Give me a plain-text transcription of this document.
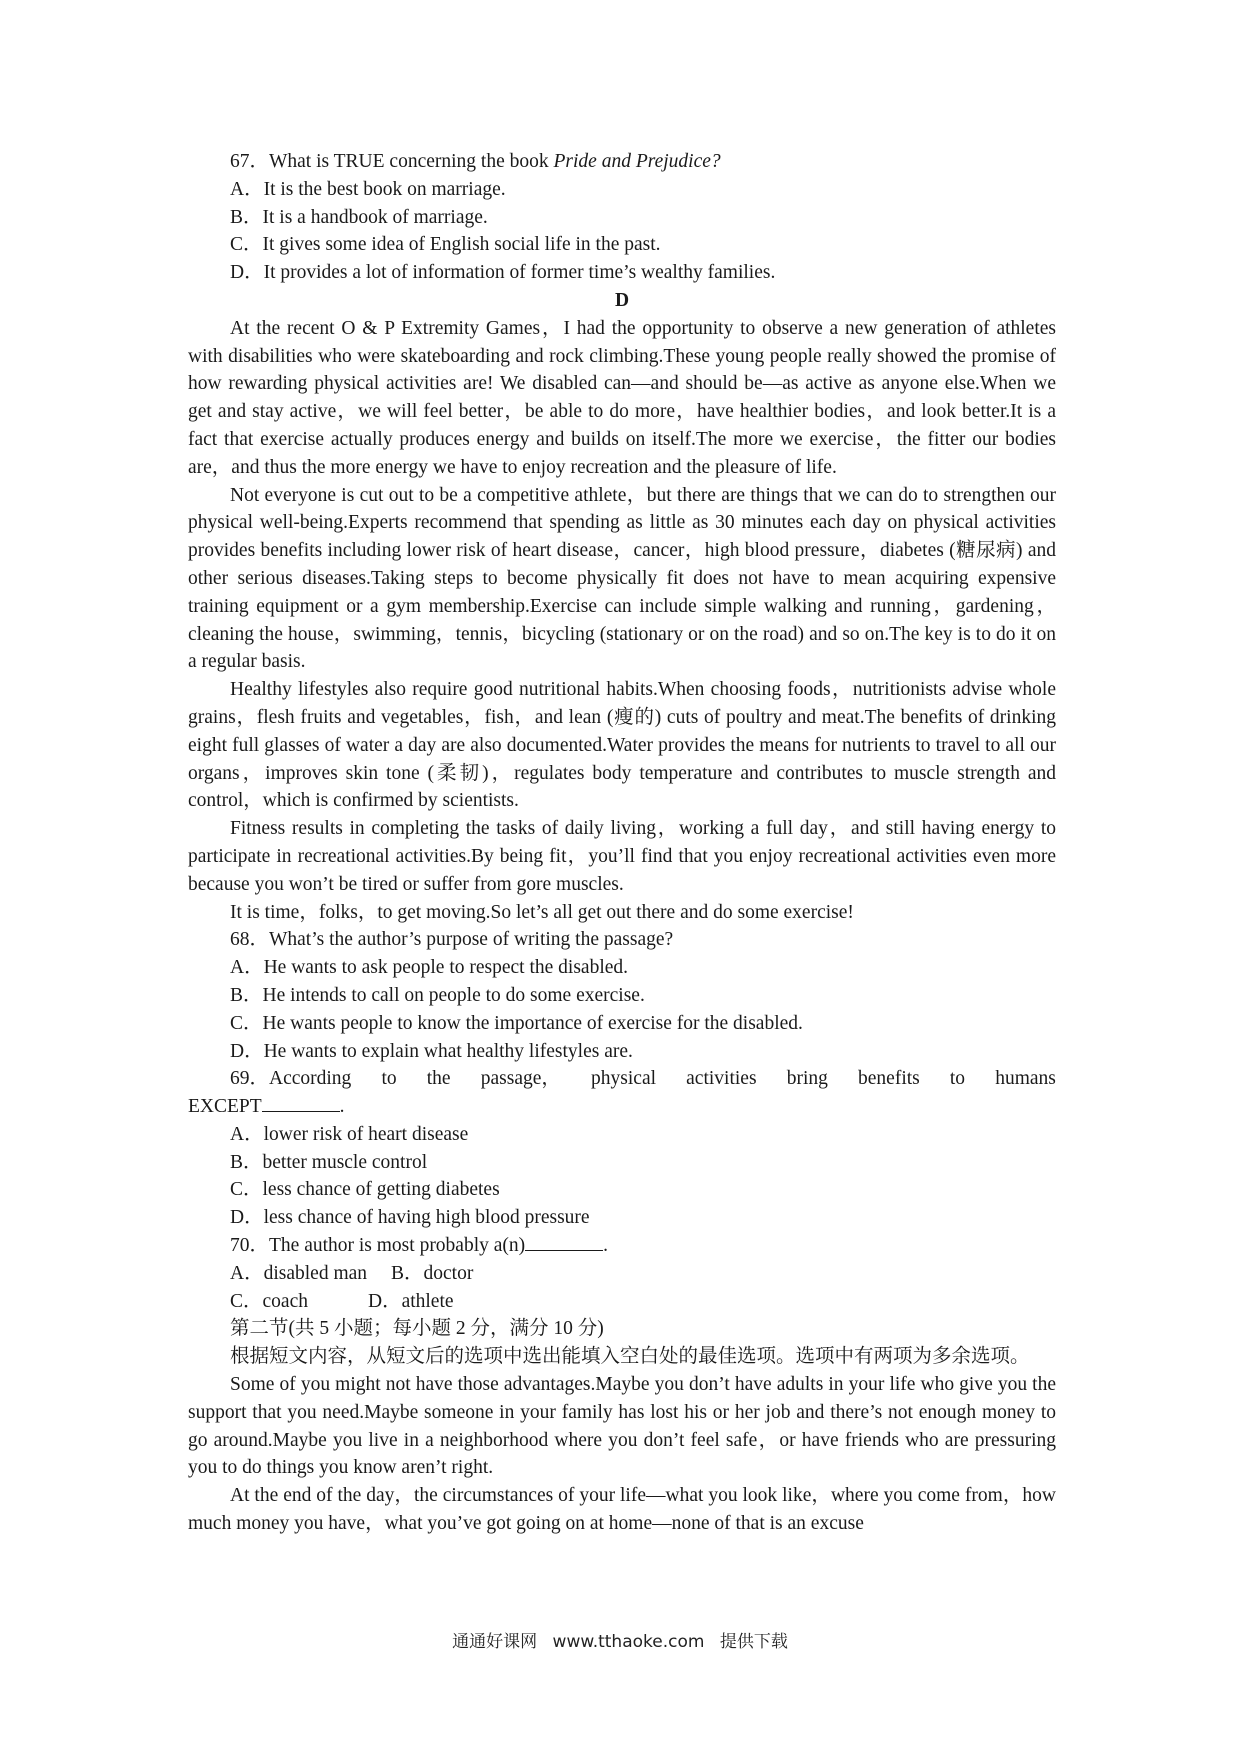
67．What is TRUE concerning the book Pride and Prejudice?

A．It is the best book on marriage.

B．It is a handbook of marriage.

C．It gives some idea of English social life in the past.

D．It provides a lot of information of former time’s wealthy families.

D

At the recent O & P Extremity Games，I had the opportunity to observe a new generation of athletes with disabilities who were skateboarding and rock climbing.These young people really showed the promise of how rewarding physical activities are! We disabled can—and should be—as active as anyone else.When we get and stay active，we will feel better，be able to do more，have healthier bodies，and look better.It is a fact that exercise actually produces energy and builds on itself.The more we exercise，the fitter our bodies are，and thus the more energy we have to enjoy recreation and the pleasure of life.

Not everyone is cut out to be a competitive athlete，but there are things that we can do to strengthen our physical well-being.Experts recommend that spending as little as 30 minutes each day on physical activities provides benefits including lower risk of heart disease，cancer，high blood pressure，diabetes (糖尿病) and other serious diseases.Taking steps to become physically fit does not have to mean acquiring expensive training equipment or a gym membership.Exercise can include simple walking and running，gardening，cleaning the house，swimming，tennis，bicycling (stationary or on the road) and so on.The key is to do it on a regular basis.

Healthy lifestyles also require good nutritional habits.When choosing foods，nutritionists advise whole grains，flesh fruits and vegetables，fish，and lean (瘦的) cuts of poultry and meat.The benefits of drinking eight full glasses of water a day are also documented.Water provides the means for nutrients to travel to all our organs，improves skin tone (柔韧)，regulates body temperature and contributes to muscle strength and control，which is confirmed by scientists.

Fitness results in completing the tasks of daily living，working a full day，and still having energy to participate in recreational activities.By being fit，you’ll find that you enjoy recreational activities even more because you won’t be tired or suffer from gore muscles.

It is time，folks，to get moving.So let’s all get out there and do some exercise!

68．What’s the author’s purpose of writing the passage?

A．He wants to ask people to respect the disabled.

B．He intends to call on people to do some exercise.

C．He wants people to know the importance of exercise for the disabled.

D．He wants to explain what healthy lifestyles are.

69．According to the passage， physical activities bring benefits to humans

EXCEPT	.

A．lower risk of heart disease

B．better muscle control

C．less chance of getting diabetes

D．less chance of having high blood pressure

70．The author is most probably a(n)	.

A．disabled man B．doctor

C．coach	D．athlete

第二节(共 5 小题；每小题 2 分，满分 10 分)

根据短文内容，从短文后的选项中选出能填入空白处的最佳选项。选项中有两项为多余选项。

Some of you might not have those advantages.Maybe you don’t have adults in your life who give you the support that you need.Maybe someone in your family has lost his or her job and there’s not enough money to go around.Maybe you live in a neighborhood where you don’t feel safe，or have friends who are pressuring you to do things you know aren’t right.

At the end of the day，the circumstances of your life—what you look like，where you come from，how much money you have，what you’ve got going on at home—none of that is an excuse

通通好课网 www.tthaoke.com 提供下载
